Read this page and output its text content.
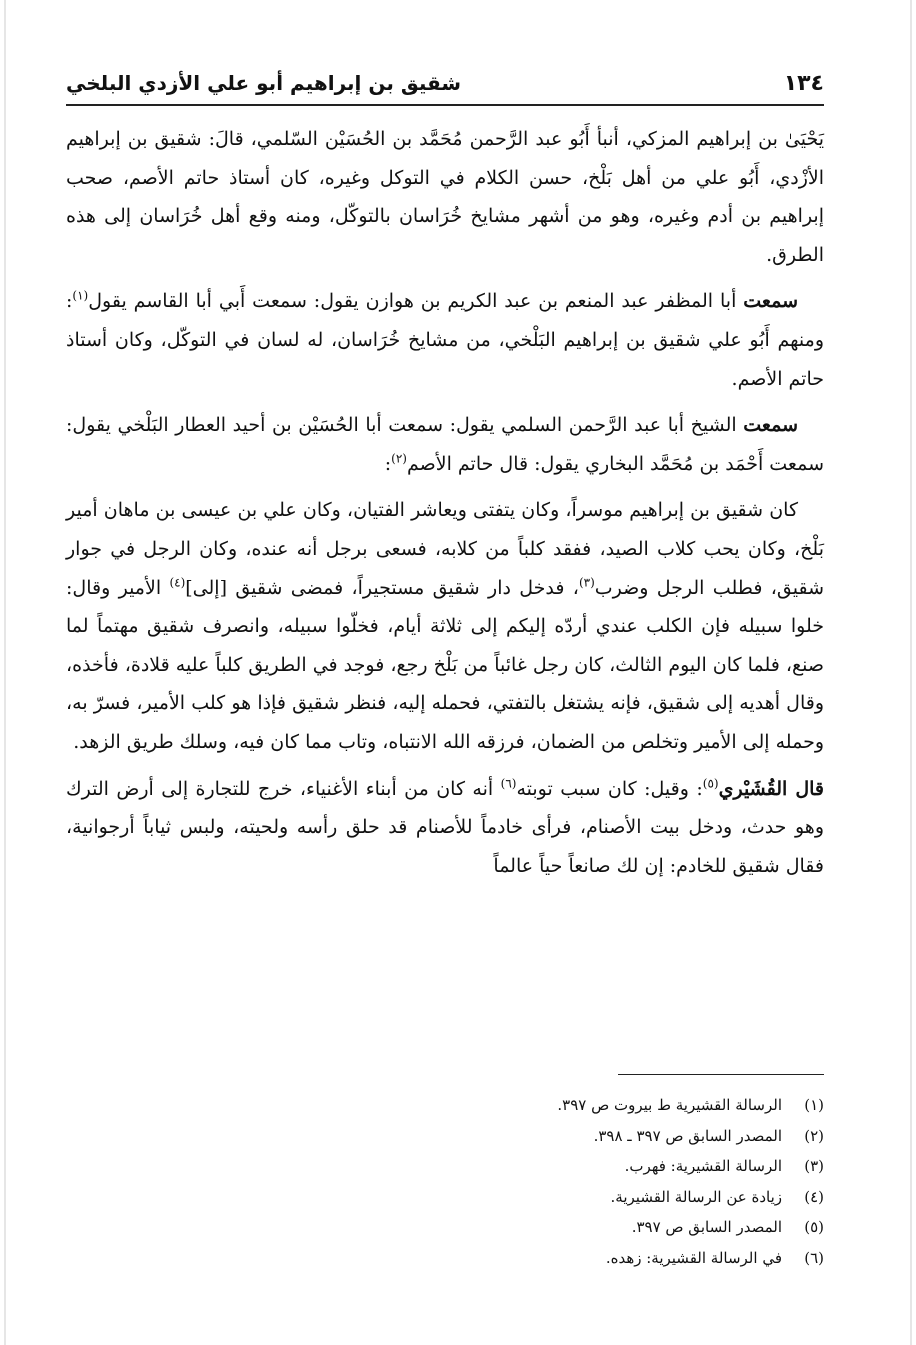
١٣٤
شقيق بن إبراهيم أبو علي الأزدي البلخي

يَحْيَىٰ بن إبراهيم المزكي، أنبأ أَبُو عبد الرَّحمن مُحَمَّد بن الحُسَيْن السّلمي، قالَ: شقيق بن إبراهيم الأزْدي، أَبُو علي من أهل بَلْخ، حسن الكلام في التوكل وغيره، كان أستاذ حاتم الأصم، صحب إبراهيم بن أدم وغيره، وهو من أشهر مشايخ خُرَاسان بالتوكّل، ومنه وقع أهل خُرَاسان إلى هذه الطرق.

سمعت أبا المظفر عبد المنعم بن عبد الكريم بن هوازن يقول: سمعت أَبي أبا القاسم يقول$^{(١)}$: ومنهم أَبُو علي شقيق بن إبراهيم البَلْخي، من مشايخ خُرَاسان، له لسان في التوكّل، وكان أستاذ حاتم الأصم.

سمعت الشيخ أبا عبد الرَّحمن السلمي يقول: سمعت أبا الحُسَيْن بن أحيد العطار البَلْخي يقول: سمعت أَحْمَد بن مُحَمَّد البخاري يقول: قال حاتم الأصم$^{(٢)}$:

كان شقيق بن إبراهيم موسراً، وكان يتفتى ويعاشر الفتيان، وكان علي بن عيسى بن ماهان أمير بَلْخ، وكان يحب كلاب الصيد، ففقد كلباً من كلابه، فسعى برجل أنه عنده، وكان الرجل في جوار شقيق، فطلب الرجل وضرب$^{(٣)}$، فدخل دار شقيق مستجيراً، فمضى شقيق [إلى]$^{(٤)}$ الأمير وقال: خلوا سبيله فإن الكلب عندي أردّه إليكم إلى ثلاثة أيام، فخلّوا سبيله، وانصرف شقيق مهتماً لما صنع، فلما كان اليوم الثالث، كان رجل غائباً من بَلْخ رجع، فوجد في الطريق كلباً عليه قلادة، فأخذه، وقال أهديه إلى شقيق، فإنه يشتغل بالتفتي، فحمله إليه، فنظر شقيق فإذا هو كلب الأمير، فسرّ به، وحمله إلى الأمير وتخلص من الضمان، فرزقه الله الانتباه، وتاب مما كان فيه، وسلك طريق الزهد.

قال القُشَيْري$^{(٥)}$: وقيل: كان سبب توبته$^{(٦)}$ أنه كان من أبناء الأغنياء، خرج للتجارة إلى أرض الترك وهو حدث، ودخل بيت الأصنام، فرأى خادماً للأصنام قد حلق رأسه ولحيته، ولبس ثياباً أرجوانية، فقال شقيق للخادم: إن لك صانعاً حياً عالماً

(١)
الرسالة القشيرية ط بيروت ص ٣٩٧.
(٢)
المصدر السابق ص ٣٩٧ ـ ٣٩٨.
(٣)
الرسالة القشيرية: فهرب.
(٤)
زيادة عن الرسالة القشيرية.
(٥)
المصدر السابق ص ٣٩٧.
(٦)
في الرسالة القشيرية: زهده.
